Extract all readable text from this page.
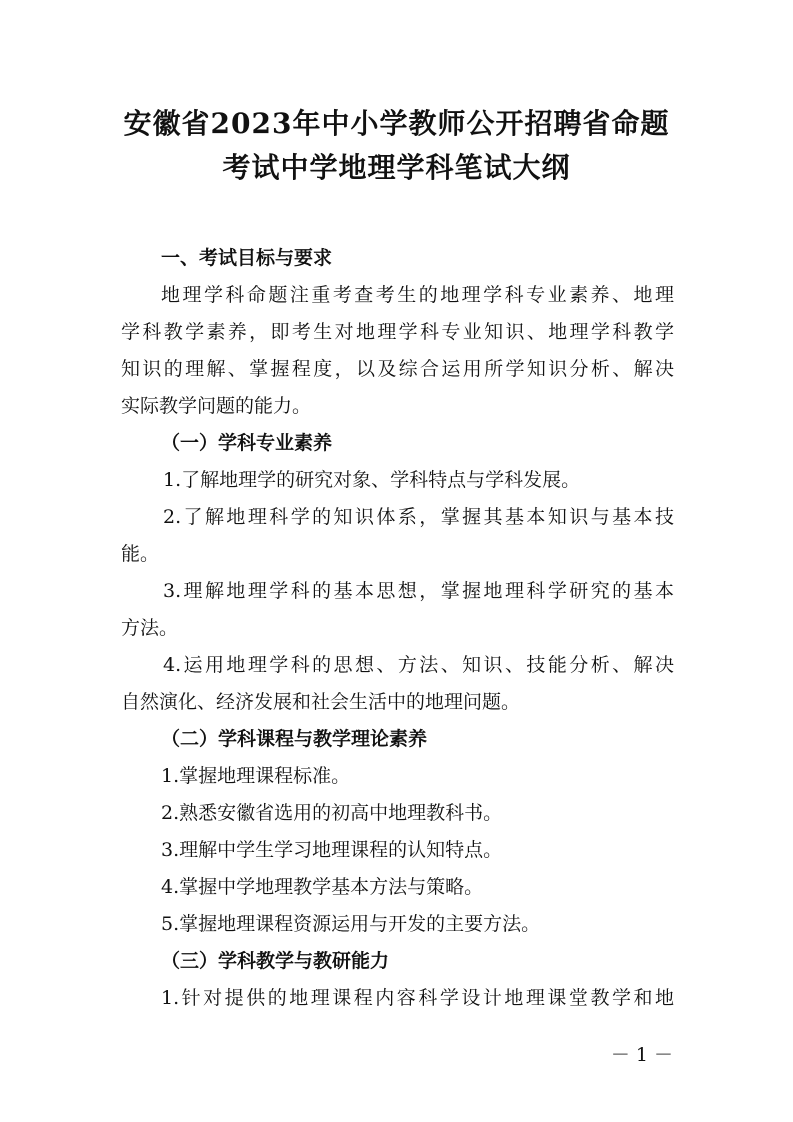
安徽省2023年中小学教师公开招聘省命题
考试中学地理学科笔试大纲
一、考试目标与要求
地理学科命题注重考查考生的地理学科专业素养、地理
学科教学素养，即考生对地理学科专业知识、地理学科教学
知识的理解、掌握程度，以及综合运用所学知识分析、解决
实际教学问题的能力。
（一）学科专业素养
1.了解地理学的研究对象、学科特点与学科发展。
2.了解地理科学的知识体系，掌握其基本知识与基本技
能。
3.理解地理学科的基本思想，掌握地理科学研究的基本
方法。
4.运用地理学科的思想、方法、知识、技能分析、解决
自然演化、经济发展和社会生活中的地理问题。
（二）学科课程与教学理论素养
1.掌握地理课程标准。
2.熟悉安徽省选用的初高中地理教科书。
3.理解中学生学习地理课程的认知特点。
4.掌握中学地理教学基本方法与策略。
5.掌握地理课程资源运用与开发的主要方法。
（三）学科教学与教研能力
1.针对提供的地理课程内容科学设计地理课堂教学和地
－ 1 －
